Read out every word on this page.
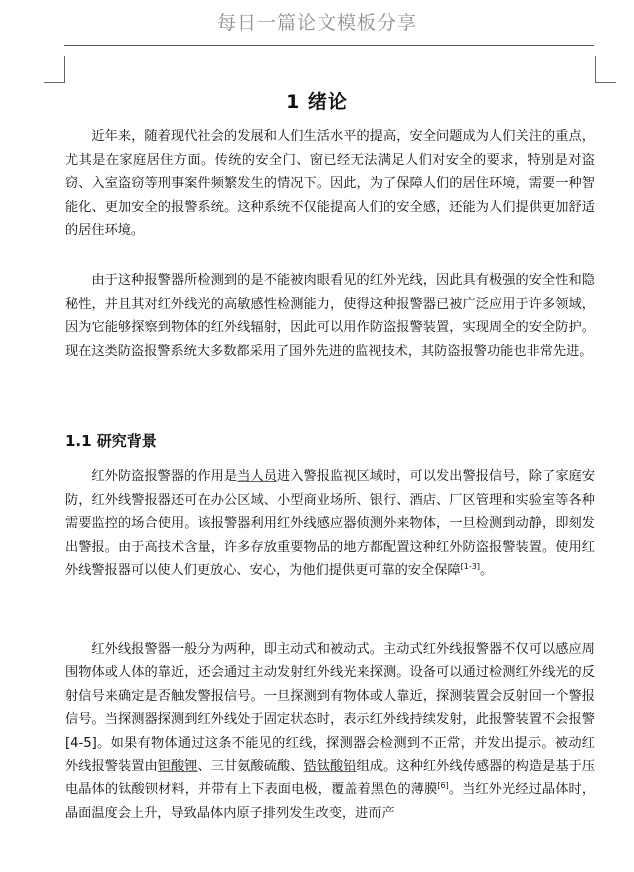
每日一篇论文模板分享
1 绪论

近年来，随着现代社会的发展和人们生活水平的提高，安全问题成为人们关注的重点，尤其是在家庭居住方面。传统的安全门、窗已经无法满足人们对安全的要求，特别是对盗窃、入室盗窃等刑事案件频繁发生的情况下。因此，为了保障人们的居住环境，需要一种智能化、更加安全的报警系统。这种系统不仅能提高人们的安全感，还能为人们提供更加舒适的居住环境。

由于这种报警器所检测到的是不能被肉眼看见的红外光线，因此具有极强的安全性和隐秘性，并且其对红外线光的高敏感性检测能力，使得这种报警器已被广泛应用于许多领域，因为它能够探察到物体的红外线辐射，因此可以用作防盗报警装置，实现周全的安全防护。现在这类防盗报警系统大多数都采用了国外先进的监视技术，其防盗报警功能也非常先进。

1.1 研究背景

红外防盗报警器的作用是当人员进入警报监视区域时，可以发出警报信号，除了家庭安防，红外线警报器还可在办公区域、小型商业场所、银行、酒店、厂区管理和实验室等各种需要监控的场合使用。该报警器利用红外线感应器侦测外来物体，一旦检测到动静，即刻发出警报。由于高技术含量，许多存放重要物品的地方都配置这种红外防盗报警装置。使用红外线警报器可以使人们更放心、安心，为他们提供更可靠的安全保障[1-3]。

红外线报警器一般分为两种，即主动式和被动式。主动式红外线报警器不仅可以感应周围物体或人体的靠近，还会通过主动发射红外线光来探测。设备可以通过检测红外线光的反射信号来确定是否触发警报信号。一旦探测到有物体或人靠近，探测装置会反射回一个警报信号。当探测器探测到红外线处于固定状态时，表示红外线持续发射，此报警装置不会报警[4-5]。如果有物体通过这条不能见的红线，探测器会检测到不正常，并发出提示。被动红外线报警装置由钽酸锂、三甘氨酸硫酸、锆钛酸铅组成。这种红外线传感器的构造是基于压电晶体的钛酸钡材料，并带有上下表面电极，覆盖着黑色的薄膜[6]。当红外光经过晶体时，晶面温度会上升，导致晶体内原子排列发生改变，进而产
